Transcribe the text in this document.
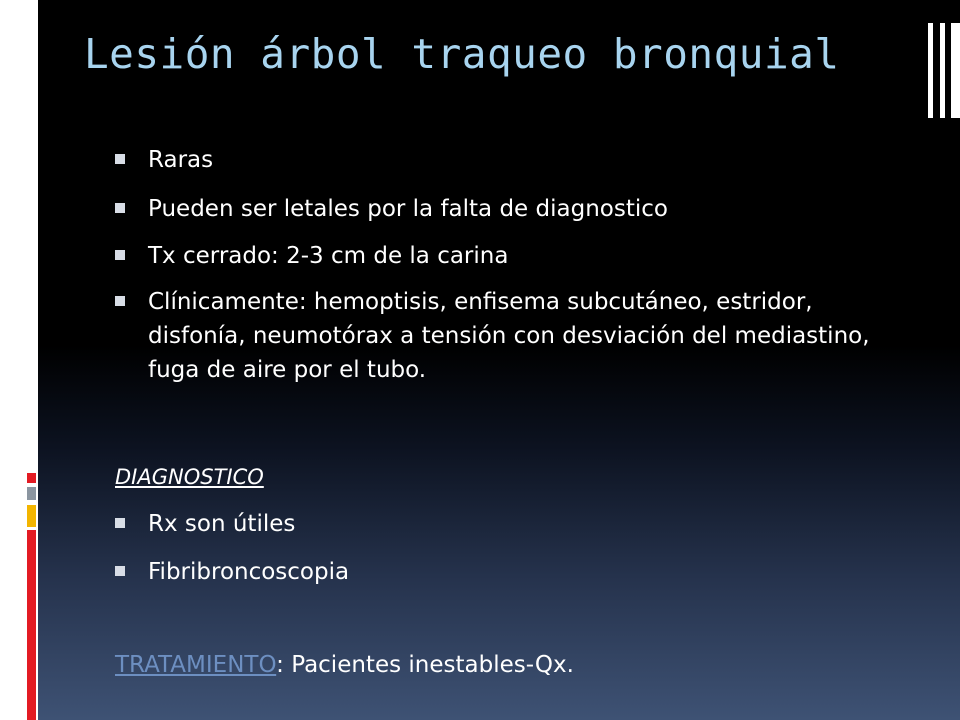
Lesión árbol traqueo bronquial

Raras

Pueden ser letales por la falta de diagnostico

Tx cerrado: 2-3 cm de la carina

Clínicamente: hemoptisis, enfisema subcutáneo, estridor, disfonía, neumotórax a tensión con desviación del mediastino, fuga de aire por el tubo.

DIAGNOSTICO

Rx son útiles

Fibribroncoscopia

TRATAMIENTO: Pacientes inestables-Qx.
